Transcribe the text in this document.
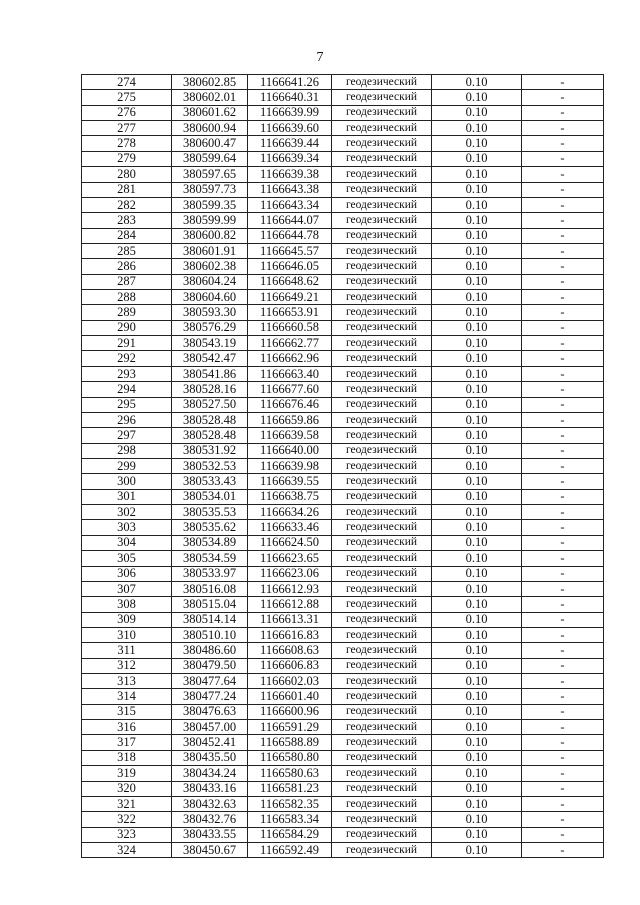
7
274	380602.85	1166641.26	геодезический	0.10	-
275	380602.01	1166640.31	геодезический	0.10	-
276	380601.62	1166639.99	геодезический	0.10	-
277	380600.94	1166639.60	геодезический	0.10	-
278	380600.47	1166639.44	геодезический	0.10	-
279	380599.64	1166639.34	геодезический	0.10	-
280	380597.65	1166639.38	геодезический	0.10	-
281	380597.73	1166643.38	геодезический	0.10	-
282	380599.35	1166643.34	геодезический	0.10	-
283	380599.99	1166644.07	геодезический	0.10	-
284	380600.82	1166644.78	геодезический	0.10	-
285	380601.91	1166645.57	геодезический	0.10	-
286	380602.38	1166646.05	геодезический	0.10	-
287	380604.24	1166648.62	геодезический	0.10	-
288	380604.60	1166649.21	геодезический	0.10	-
289	380593.30	1166653.91	геодезический	0.10	-
290	380576.29	1166660.58	геодезический	0.10	-
291	380543.19	1166662.77	геодезический	0.10	-
292	380542.47	1166662.96	геодезический	0.10	-
293	380541.86	1166663.40	геодезический	0.10	-
294	380528.16	1166677.60	геодезический	0.10	-
295	380527.50	1166676.46	геодезический	0.10	-
296	380528.48	1166659.86	геодезический	0.10	-
297	380528.48	1166639.58	геодезический	0.10	-
298	380531.92	1166640.00	геодезический	0.10	-
299	380532.53	1166639.98	геодезический	0.10	-
300	380533.43	1166639.55	геодезический	0.10	-
301	380534.01	1166638.75	геодезический	0.10	-
302	380535.53	1166634.26	геодезический	0.10	-
303	380535.62	1166633.46	геодезический	0.10	-
304	380534.89	1166624.50	геодезический	0.10	-
305	380534.59	1166623.65	геодезический	0.10	-
306	380533.97	1166623.06	геодезический	0.10	-
307	380516.08	1166612.93	геодезический	0.10	-
308	380515.04	1166612.88	геодезический	0.10	-
309	380514.14	1166613.31	геодезический	0.10	-
310	380510.10	1166616.83	геодезический	0.10	-
311	380486.60	1166608.63	геодезический	0.10	-
312	380479.50	1166606.83	геодезический	0.10	-
313	380477.64	1166602.03	геодезический	0.10	-
314	380477.24	1166601.40	геодезический	0.10	-
315	380476.63	1166600.96	геодезический	0.10	-
316	380457.00	1166591.29	геодезический	0.10	-
317	380452.41	1166588.89	геодезический	0.10	-
318	380435.50	1166580.80	геодезический	0.10	-
319	380434.24	1166580.63	геодезический	0.10	-
320	380433.16	1166581.23	геодезический	0.10	-
321	380432.63	1166582.35	геодезический	0.10	-
322	380432.76	1166583.34	геодезический	0.10	-
323	380433.55	1166584.29	геодезический	0.10	-
324	380450.67	1166592.49	геодезический	0.10	-
